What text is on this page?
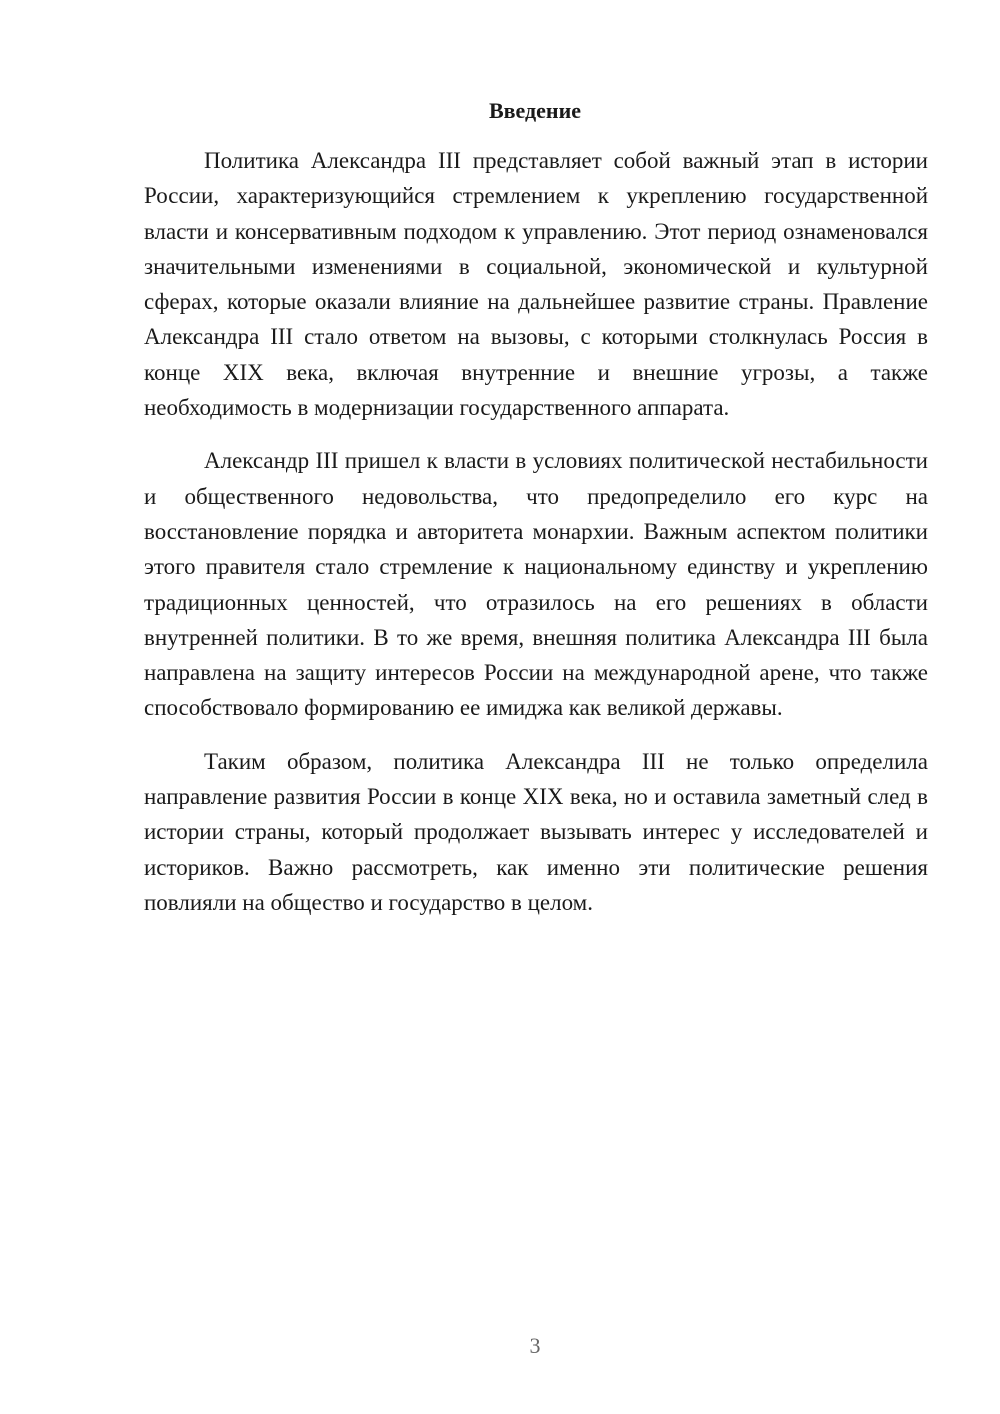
Введение

Политика Александра III представляет собой важный этап в истории России, характеризующийся стремлением к укреплению государственной власти и консервативным подходом к управлению. Этот период ознаменовался значительными изменениями в социальной, экономической и культурной сферах, которые оказали влияние на дальнейшее развитие страны. Правление Александра III стало ответом на вызовы, с которыми столкнулась Россия в конце XIX века, включая внутренние и внешние угрозы, а также необходимость в модернизации государственного аппарата.

Александр III пришел к власти в условиях политической нестабильности и общественного недовольства, что предопределило его курс на восстановление порядка и авторитета монархии. Важным аспектом политики этого правителя стало стремление к национальному единству и укреплению традиционных ценностей, что отразилось на его решениях в области внутренней политики. В то же время, внешняя политика Александра III была направлена на защиту интересов России на международной арене, что также способствовало формированию ее имиджа как великой державы.

Таким образом, политика Александра III не только определила направление развития России в конце XIX века, но и оставила заметный след в истории страны, который продолжает вызывать интерес у исследователей и историков. Важно рассмотреть, как именно эти политические решения повлияли на общество и государство в целом.

3
